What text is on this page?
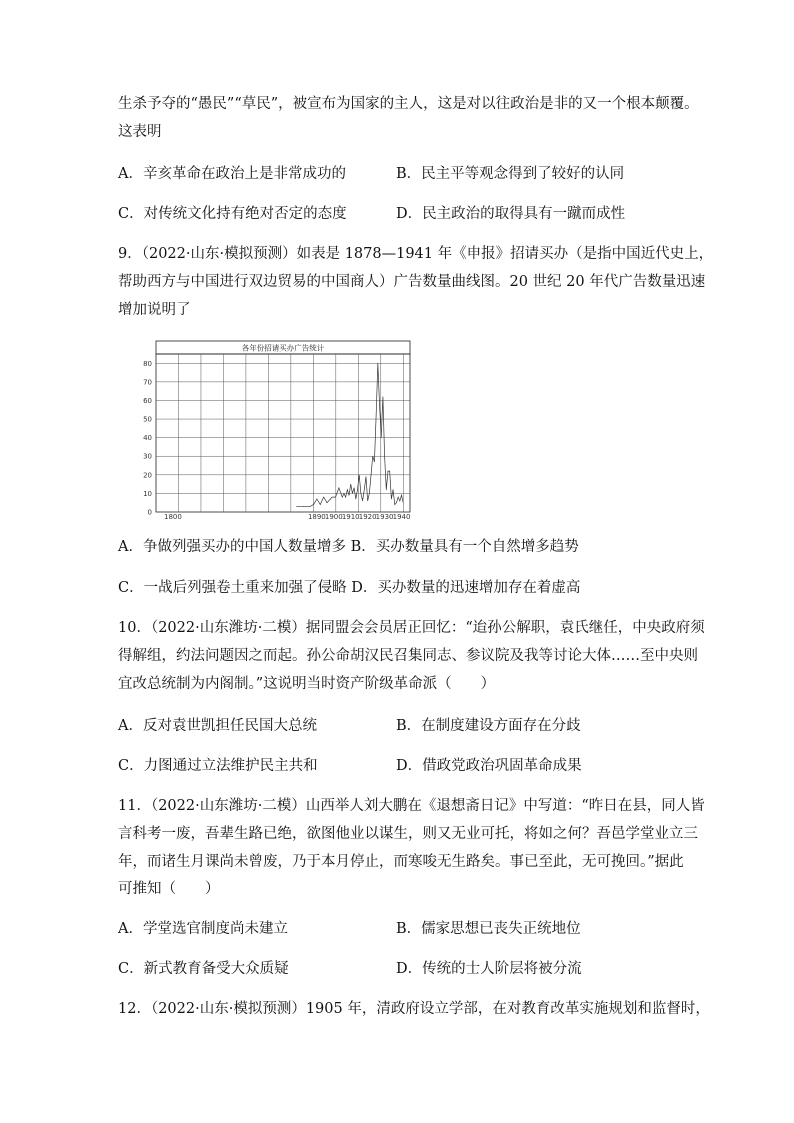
生杀予夺的“愚民”“草民”，被宣布为国家的主人，这是对以往政治是非的又一个根本颠覆。
这表明
A．辛亥革命在政治上是非常成功的	B．民主平等观念得到了较好的认同
C．对传统文化持有绝对否定的态度	D．民主政治的取得具有一蹴而成性
9．（2022·山东·模拟预测）如表是 1878—1941 年《申报》招请买办（是指中国近代史上，
帮助西方与中国进行双边贸易的中国商人）广告数量曲线图。20 世纪 20 年代广告数量迅速
增加说明了
各年份招请买办广告统计
0
10
20
30
40
50
60
70
80
1800	1890 1900 1910 1920 1930 1940
A．争做列强买办的中国人数量增多 B．买办数量具有一个自然增多趋势
C．一战后列强卷土重来加强了侵略 D．买办数量的迅速增加存在着虚高
10．（2022·山东潍坊·二模）据同盟会会员居正回忆：“迨孙公解职，袁氏继任，中央政府须
得解组，约法问题因之而起。孙公命胡汉民召集同志、参议院及我等讨论大体……至中央则
宜改总统制为内阁制。”这说明当时资产阶级革命派（　　）
A．反对袁世凯担任民国大总统	B．在制度建设方面存在分歧
C．力图通过立法维护民主共和	D．借政党政治巩固革命成果
11．（2022·山东潍坊·二模）山西举人刘大鹏在《退想斋日记》中写道：“昨日在县，同人皆
言科考一废，吾辈生路已绝，欲图他业以谋生，则又无业可托，将如之何？吾邑学堂业立三
年，而诸生月课尚未曾废，乃于本月停止，而寒唆无生路矣。事已至此，无可挽回。”据此
可推知（　　）
A．学堂选官制度尚未建立	B．儒家思想已丧失正统地位
C．新式教育备受大众质疑	D．传统的士人阶层将被分流
12．（2022·山东·模拟预测）1905 年，清政府设立学部，在对教育改革实施规划和监督时，
